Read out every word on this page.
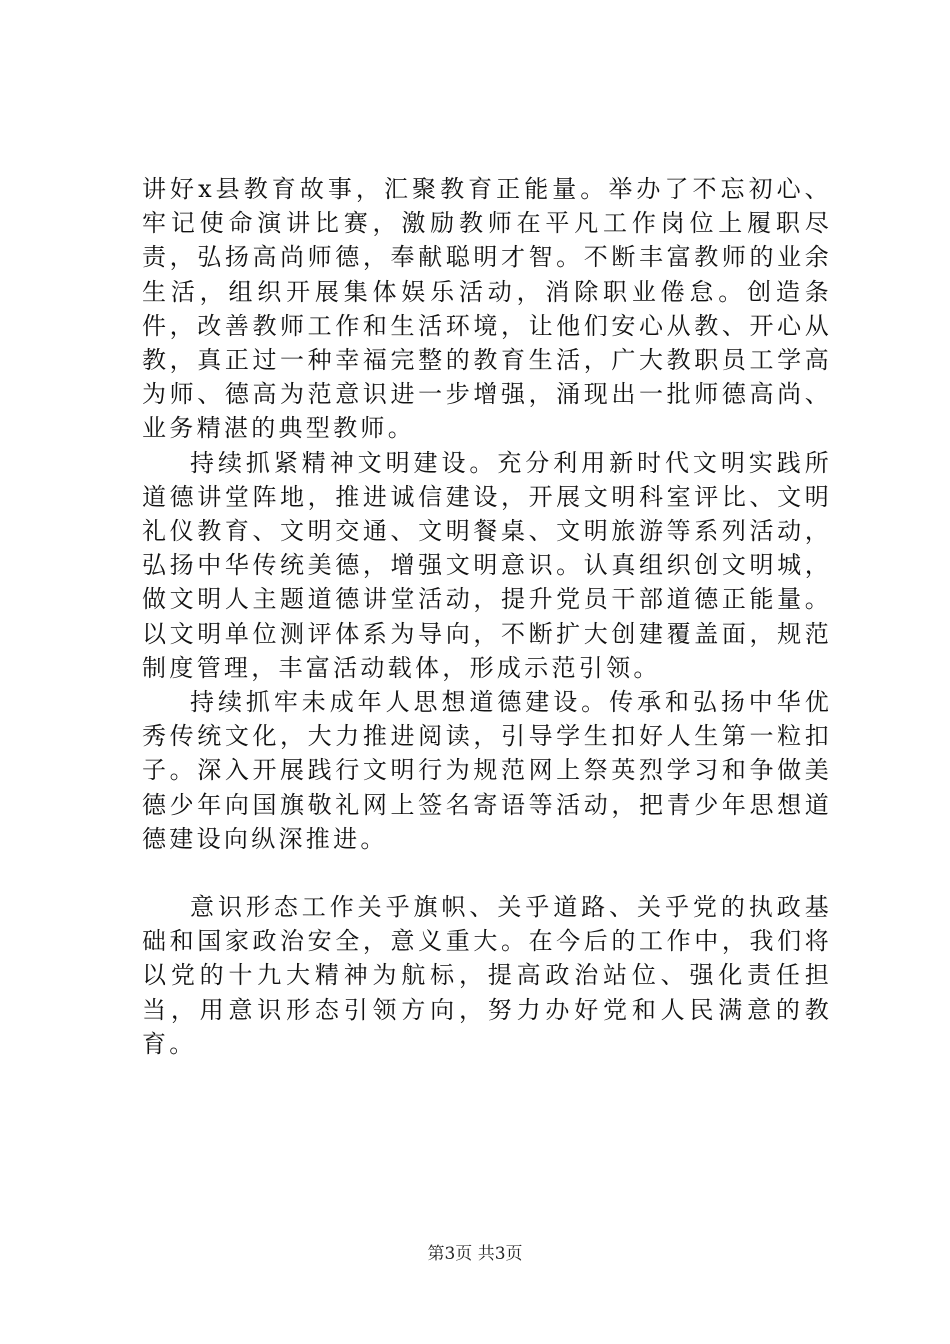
讲好x县教育故事，汇聚教育正能量。举办了不忘初心、牢记使命演讲比赛，激励教师在平凡工作岗位上履职尽责，弘扬高尚师德，奉献聪明才智。不断丰富教师的业余生活，组织开展集体娱乐活动，消除职业倦怠。创造条件，改善教师工作和生活环境，让他们安心从教、开心从教，真正过一种幸福完整的教育生活，广大教职员工学高为师、德高为范意识进一步增强，涌现出一批师德高尚、业务精湛的典型教师。

持续抓紧精神文明建设。充分利用新时代文明实践所道德讲堂阵地，推进诚信建设，开展文明科室评比、文明礼仪教育、文明交通、文明餐桌、文明旅游等系列活动，弘扬中华传统美德，增强文明意识。认真组织创文明城，做文明人主题道德讲堂活动，提升党员干部道德正能量。以文明单位测评体系为导向，不断扩大创建覆盖面，规范制度管理，丰富活动载体，形成示范引领。

持续抓牢未成年人思想道德建设。传承和弘扬中华优秀传统文化，大力推进阅读，引导学生扣好人生第一粒扣子。深入开展践行文明行为规范网上祭英烈学习和争做美德少年向国旗敬礼网上签名寄语等活动，把青少年思想道德建设向纵深推进。

意识形态工作关乎旗帜、关乎道路、关乎党的执政基础和国家政治安全，意义重大。在今后的工作中，我们将以党的十九大精神为航标，提高政治站位、强化责任担当，用意识形态引领方向，努力办好党和人民满意的教育。

第3页 共3页
